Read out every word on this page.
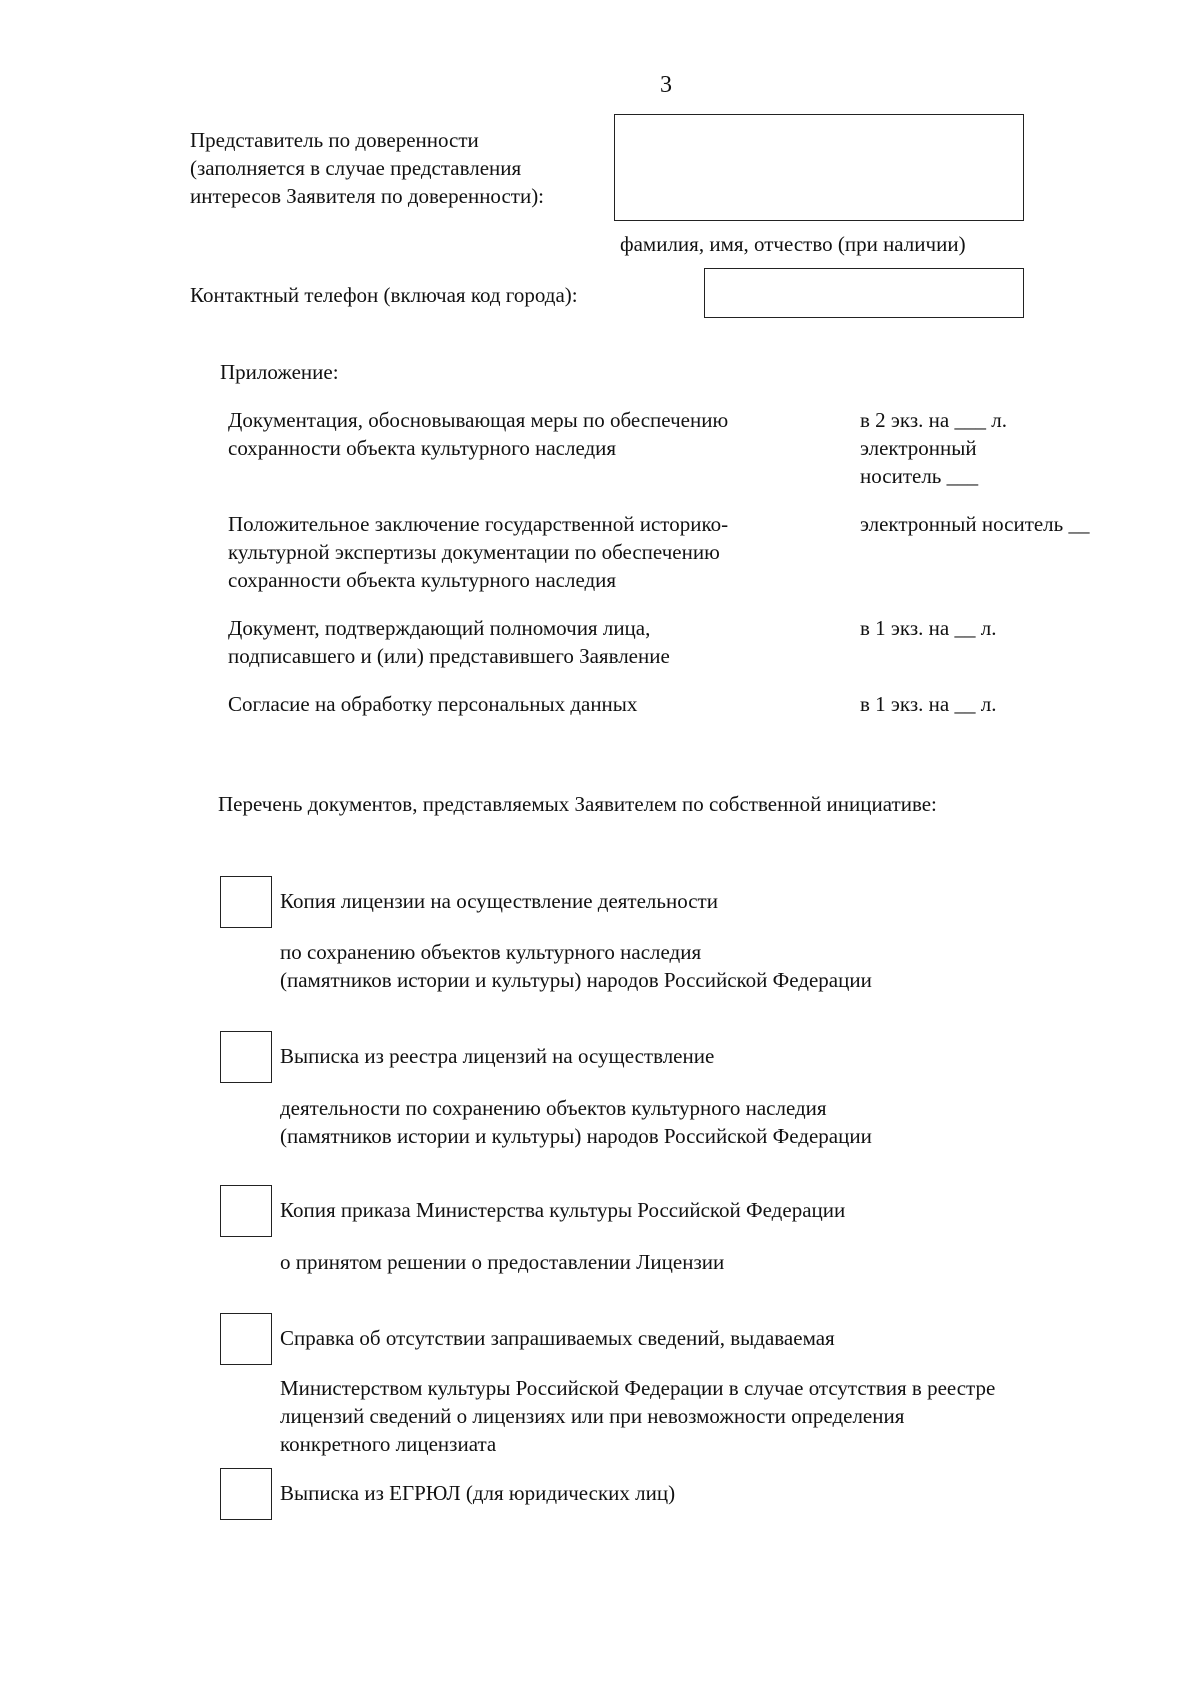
3
Представитель по доверенности
(заполняется в случае представления
интересов Заявителя по доверенности):
фамилия, имя, отчество (при наличии)
Контактный телефон (включая код города):
Приложение:
Документация, обосновывающая меры по обеспечению
сохранности объекта культурного наследия
в 2 экз. на ___ л.
электронный
носитель ___
Положительное заключение государственной историко-
культурной экспертизы документации по обеспечению
сохранности объекта культурного наследия
электронный носитель __
Документ, подтверждающий полномочия лица,
подписавшего и (или) представившего Заявление
в 1 экз. на __ л.
Согласие на обработку персональных данных	в 1 экз. на __ л.
Перечень документов, представляемых Заявителем по собственной инициативе:
Копия лицензии на осуществление деятельности
по сохранению объектов культурного наследия
(памятников истории и культуры) народов Российской Федерации
Выписка из реестра лицензий на осуществление
деятельности по сохранению объектов культурного наследия
(памятников истории и культуры) народов Российской Федерации
Копия приказа Министерства культуры Российской Федерации
о принятом решении о предоставлении Лицензии
Справка об отсутствии запрашиваемых сведений, выдаваемая
Министерством культуры Российской Федерации в случае отсутствия в реестре
лицензий сведений о лицензиях или при невозможности определения
конкретного лицензиата
Выписка из ЕГРЮЛ (для юридических лиц)
